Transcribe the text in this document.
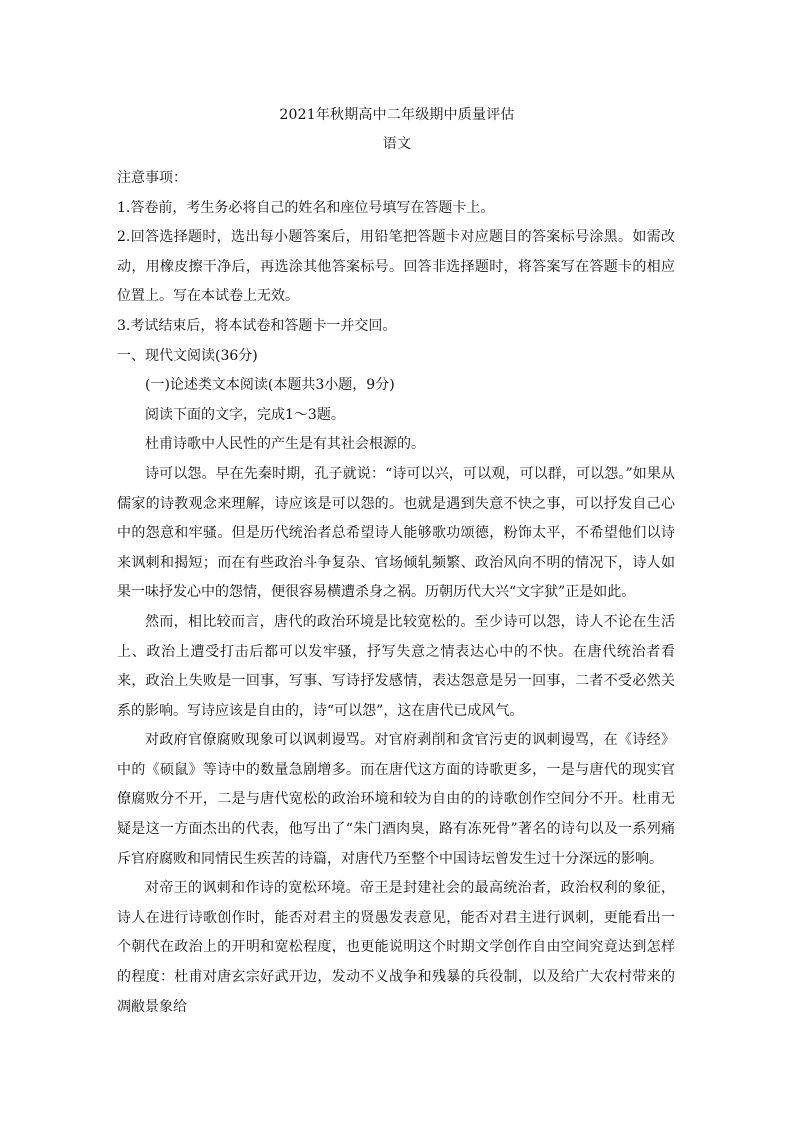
2021年秋期高中二年级期中质量评估
语文

注意事项：

1.答卷前，考生务必将自己的姓名和座位号填写在答题卡上。

2.回答选择题时，选出每小题答案后，用铅笔把答题卡对应题目的答案标号涂黑。如需改动，用橡皮擦干净后，再选涂其他答案标号。回答非选择题时，将答案写在答题卡的相应位置上。写在本试卷上无效。

3.考试结束后，将本试卷和答题卡一并交回。

一、现代文阅读(36分)

(一)论述类文本阅读(本题共3小题，9分)

阅读下面的文字，完成1～3题。

杜甫诗歌中人民性的产生是有其社会根源的。

诗可以怨。早在先秦时期，孔子就说：“诗可以兴，可以观，可以群，可以怨。”如果从儒家的诗教观念来理解，诗应该是可以怨的。也就是遇到失意不快之事，可以抒发自己心中的怨意和牢骚。但是历代统治者总希望诗人能够歌功颂德，粉饰太平，不希望他们以诗来讽刺和揭短；而在有些政治斗争复杂、官场倾轧频繁、政治风向不明的情况下，诗人如果一味抒发心中的怨情，便很容易横遭杀身之祸。历朝历代大兴“文字狱”正是如此。

然而，相比较而言，唐代的政治环境是比较宽松的。至少诗可以怨，诗人不论在生活上、政治上遭受打击后都可以发牢骚，抒写失意之情表达心中的不快。在唐代统治者看来，政治上失败是一回事，写事、写诗抒发感情，表达怨意是另一回事，二者不受必然关系的影响。写诗应该是自由的，诗“可以怨”，这在唐代已成风气。

对政府官僚腐败现象可以讽刺谩骂。对官府剥削和贪官污吏的讽刺谩骂，在《诗经》中的《硕鼠》等诗中的数量急剧增多。而在唐代这方面的诗歌更多，一是与唐代的现实官僚腐败分不开，二是与唐代宽松的政治环境和较为自由的的诗歌创作空间分不开。杜甫无疑是这一方面杰出的代表，他写出了“朱门酒肉臭，路有冻死骨”著名的诗句以及一系列痛斥官府腐败和同情民生疾苦的诗篇，对唐代乃至整个中国诗坛曾发生过十分深远的影响。

对帝王的讽刺和作诗的宽松环境。帝王是封建社会的最高统治者，政治权利的象征，诗人在进行诗歌创作时，能否对君主的贤愚发表意见，能否对君主进行讽刺，更能看出一个朝代在政治上的开明和宽松程度，也更能说明这个时期文学创作自由空间究竟达到怎样的程度：杜甫对唐玄宗好武开边，发动不义战争和残暴的兵役制，以及给广大农村带来的凋敝景象给
